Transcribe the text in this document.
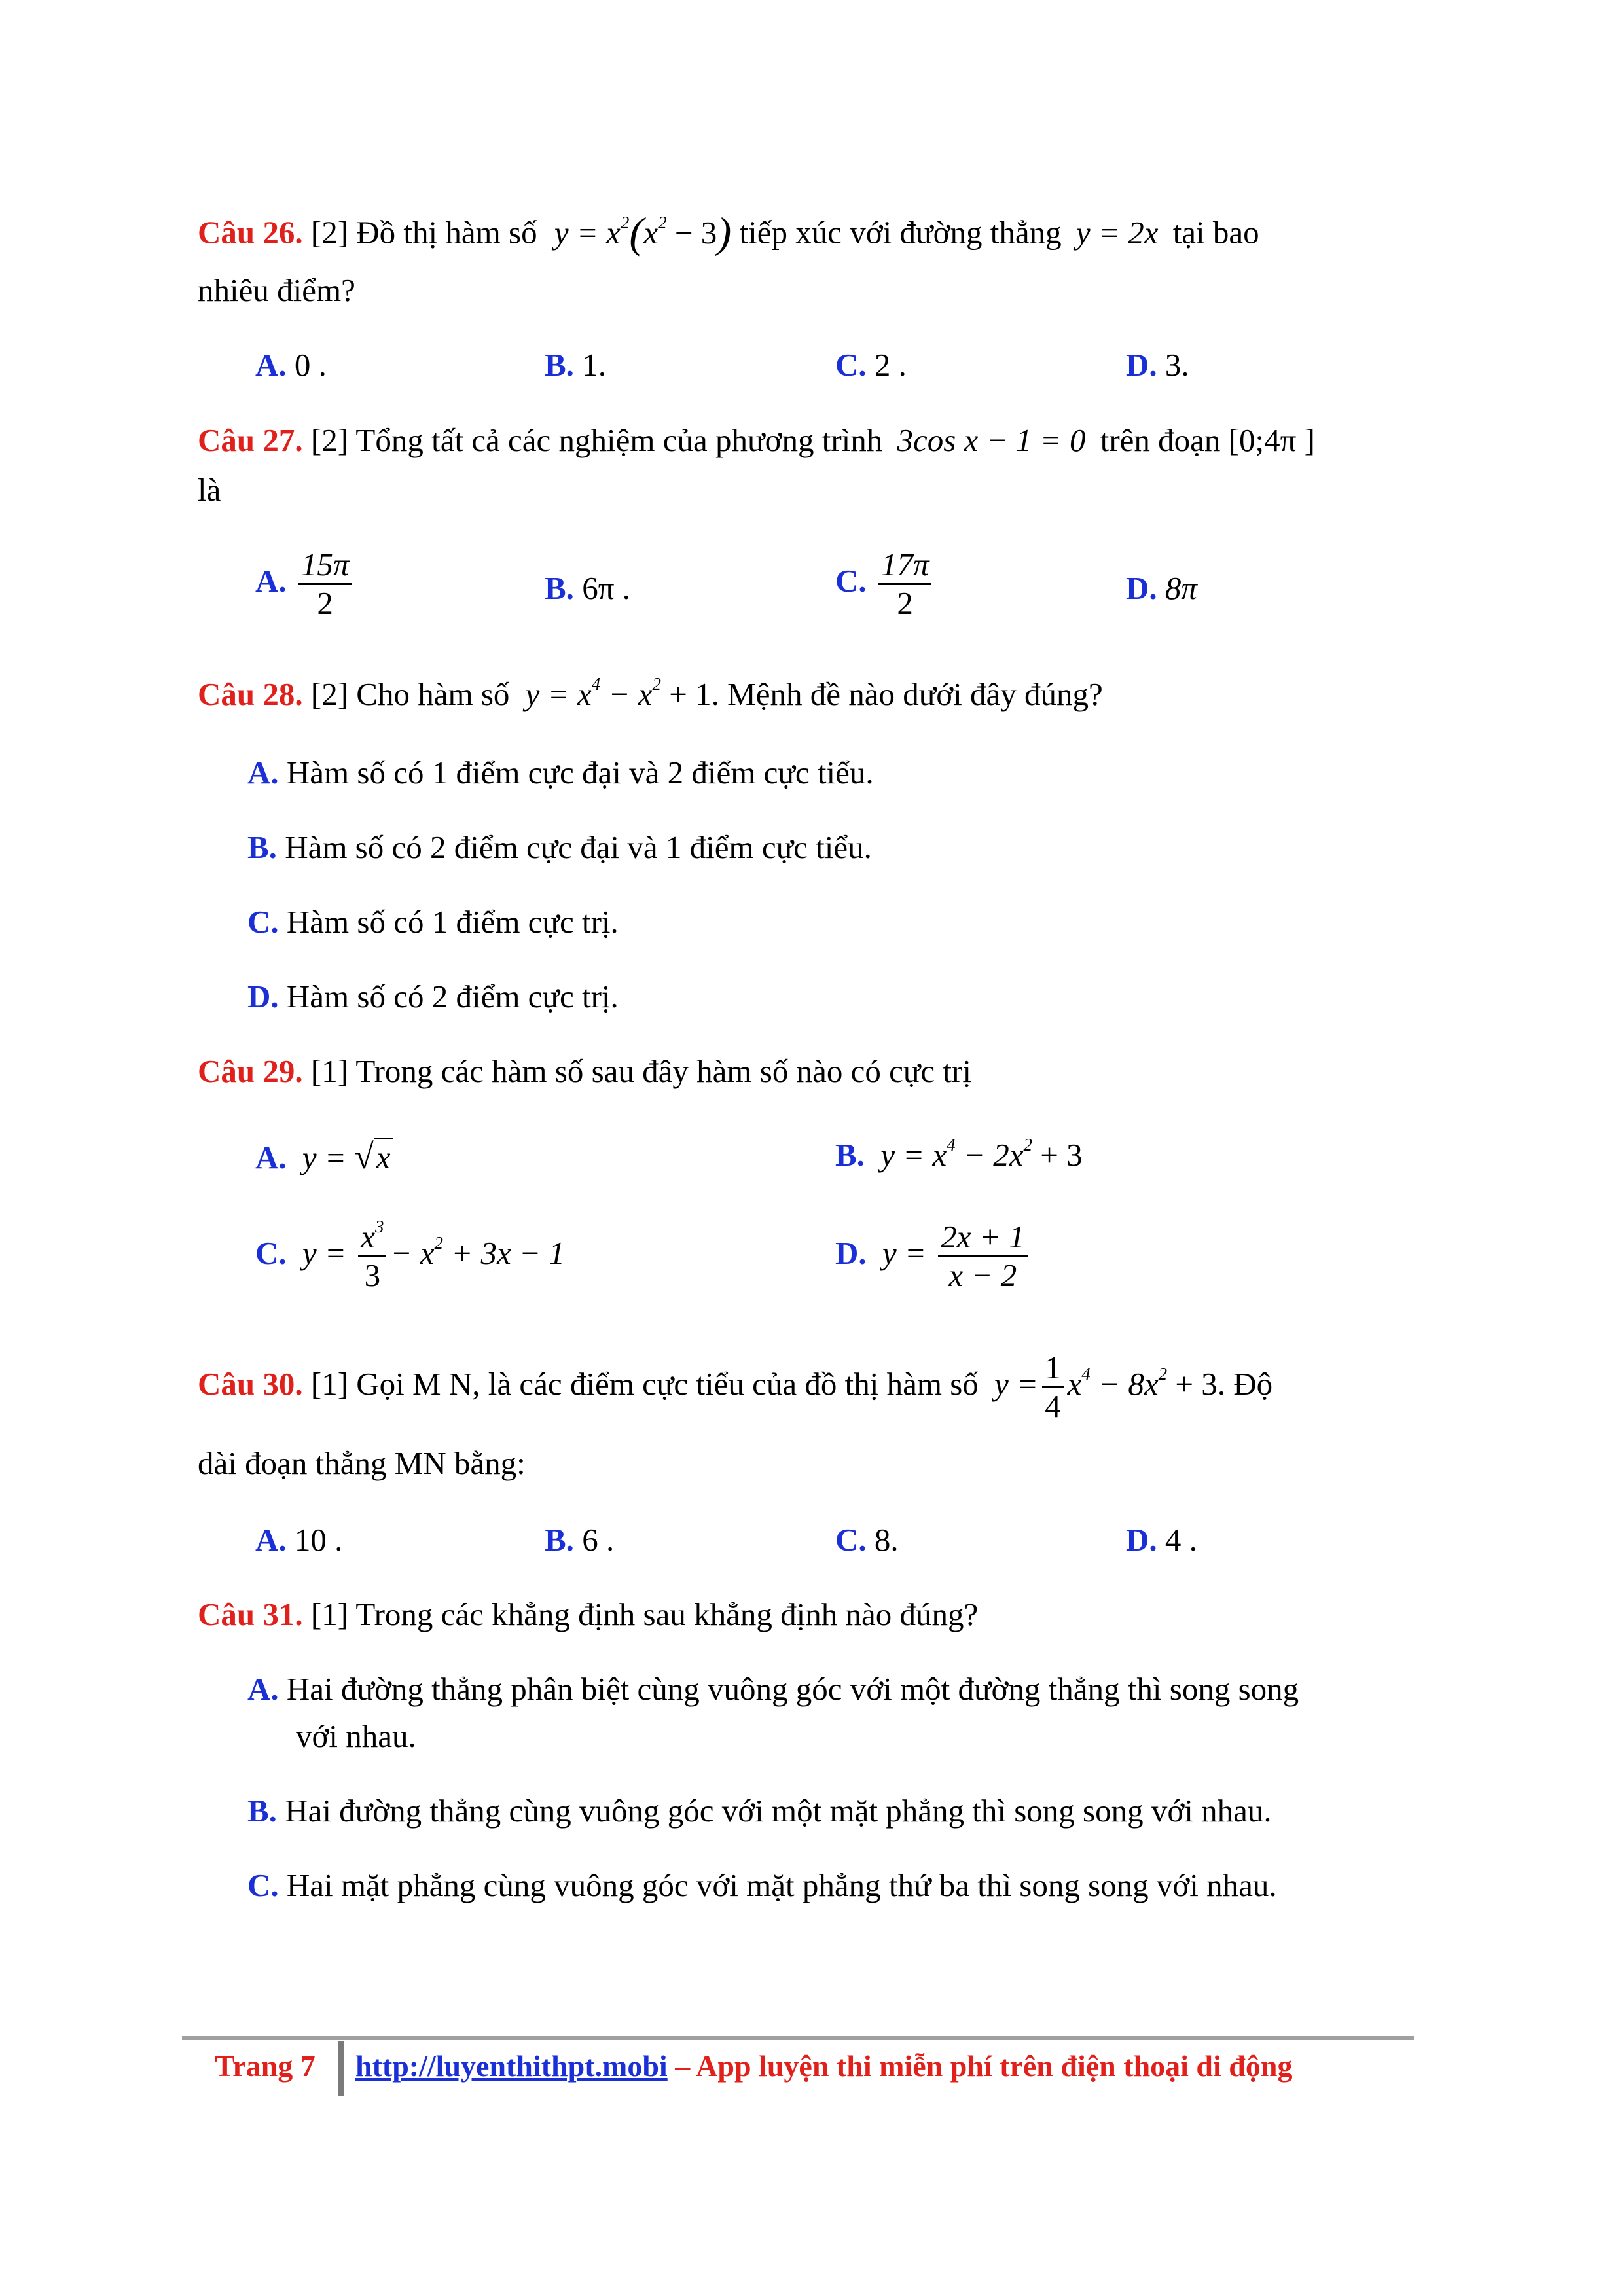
Câu 26. [2] Đồ thị hàm số $y = x^2(x^2 - 3)$ tiếp xúc với đường thẳng y = 2x tại bao
nhiêu điểm?
A. 0 .	B. 1.	C. 2 .	D. 3.
Câu 27. [2] Tổng tất cả các nghiệm của phương trình 3cos x − 1 = 0 trên đoạn [0;4π ]
là
A. $\frac{15\pi}{2}$	B. 6π .	C. $\frac{17\pi}{2}$	D. 8π
Câu 28. [2] Cho hàm số $y = x^4 - x^2 + 1$. Mệnh đề nào dưới đây đúng?
A. Hàm số có 1 điểm cực đại và 2 điểm cực tiểu.
B. Hàm số có 2 điểm cực đại và 1 điểm cực tiểu.
C. Hàm số có 1 điểm cực trị.
D. Hàm số có 2 điểm cực trị.
Câu 29. [1] Trong các hàm số sau đây hàm số nào có cực trị
A. y = √x	B. $y = x^4 - 2x^2 + 3$
C. $y = \frac{x^3}{3} - x^2 + 3x - 1$	D. $y = \frac{2x + 1}{x - 2}$
Câu 30. [1] Gọi M N, là các điểm cực tiểu của đồ thị hàm số $y = \frac{1}{4} x^4 - 8x^2 + 3$. Độ
dài đoạn thẳng MN bằng:
A. 10 .	B. 6 .	C. 8.	D. 4 .
Câu 31. [1] Trong các khẳng định sau khẳng định nào đúng?
A. Hai đường thẳng phân biệt cùng vuông góc với một đường thẳng thì song song
với nhau.
B. Hai đường thẳng cùng vuông góc với một mặt phẳng thì song song với nhau.
C. Hai mặt phẳng cùng vuông góc với mặt phẳng thứ ba thì song song với nhau.
Trang 7 http://luyenthithpt.mobi – App luyện thi miễn phí trên điện thoại di động
